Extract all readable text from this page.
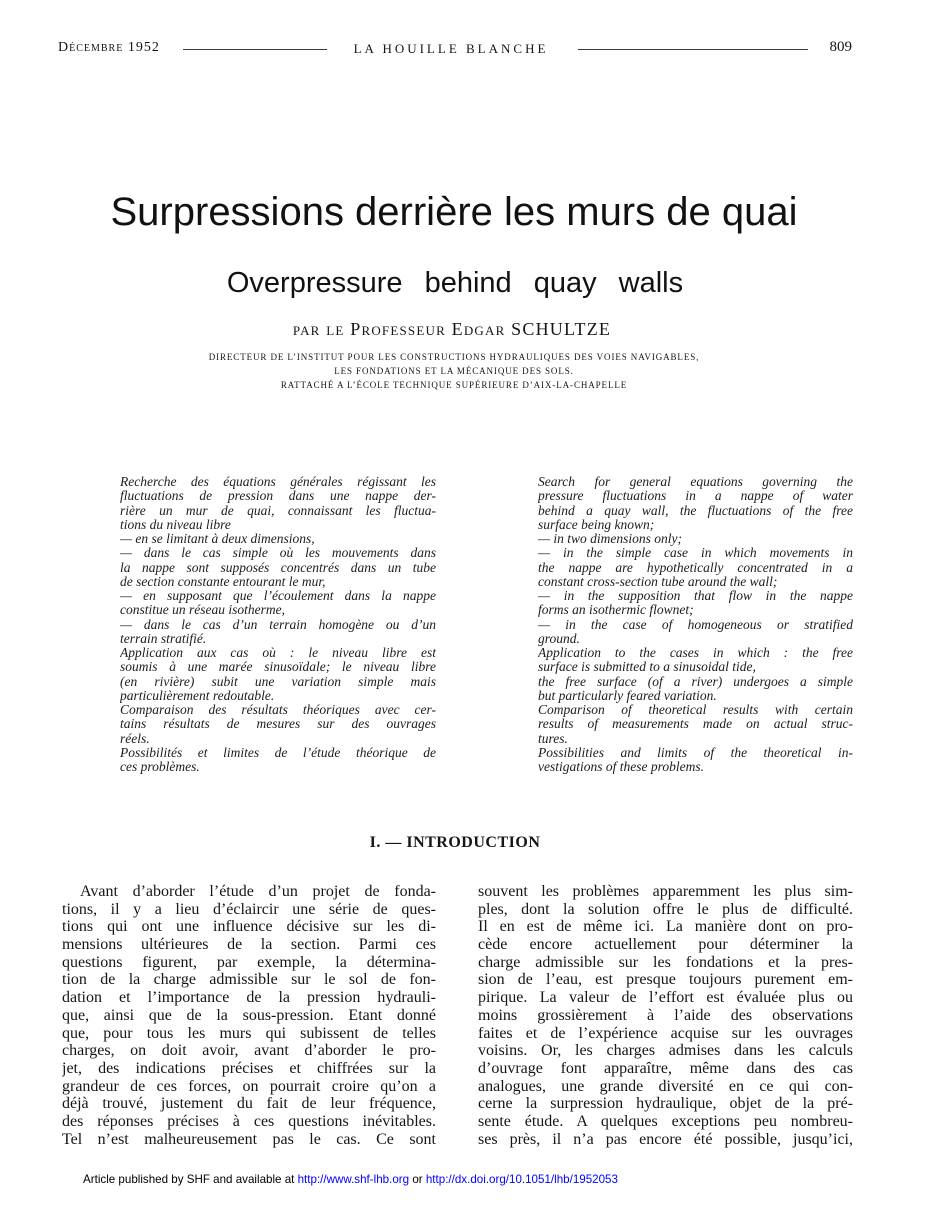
Décembre 1952	LA HOUILLE BLANCHE	809
Surpressions derrière les murs de quai
Overpressure behind quay walls
par le Professeur Edgar SCHULTZE
DIRECTEUR DE L’INSTITUT POUR LES CONSTRUCTIONS HYDRAULIQUES DES VOIES NAVIGABLES,
LES FONDATIONS ET LA MÉCANIQUE DES SOLS.
RATTACHÉ A L’ÉCOLE TECHNIQUE SUPÉRIEURE D’AIX-LA-CHAPELLE
Recherche des équations générales régissant les
fluctuations de pression dans une nappe der-
rière un mur de quai, connaissant les fluctua-
tions du niveau libre
— en se limitant à deux dimensions,
— dans le cas simple où les mouvements dans
la nappe sont supposés concentrés dans un tube
de section constante entourant le mur,
— en supposant que l’écoulement dans la nappe
constitue un réseau isotherme,
— dans le cas d’un terrain homogène ou d’un
terrain stratifié.
Application aux cas où : le niveau libre est
soumis à une marée sinusoïdale; le niveau libre
(en rivière) subit une variation simple mais
particulièrement redoutable.
Comparaison des résultats théoriques avec cer-
tains résultats de mesures sur des ouvrages
réels.
Possibilités et limites de l’étude théorique de
ces problèmes.
Search for general equations governing the
pressure fluctuations in a nappe of water
behind a quay wall, the fluctuations of the free
surface being known;
— in two dimensions only;
— in the simple case in which movements in
the nappe are hypothetically concentrated in a
constant cross-section tube around the wall;
— in the supposition that flow in the nappe
forms an isothermic flownet;
— in the case of homogeneous or stratified
ground.
Application to the cases in which : the free
surface is submitted to a sinusoidal tide,
the free surface (of a river) undergoes a simple
but particularly feared variation.
Comparison of theoretical results with certain
results of measurements made on actual struc-
tures.
Possibilities and limits of the theoretical in-
vestigations of these problems.
I. — INTRODUCTION
Avant d’aborder l’étude d’un projet de fonda-
tions, il y a lieu d’éclaircir une série de ques-
tions qui ont une influence décisive sur les di-
mensions ultérieures de la section. Parmi ces
questions figurent, par exemple, la détermina-
tion de la charge admissible sur le sol de fon-
dation et l’importance de la pression hydrauli-
que, ainsi que de la sous-pression. Etant donné
que, pour tous les murs qui subissent de telles
charges, on doit avoir, avant d’aborder le pro-
jet, des indications précises et chiffrées sur la
grandeur de ces forces, on pourrait croire qu’on a
déjà trouvé, justement du fait de leur fréquence,
des réponses précises à ces questions inévitables.
Tel n’est malheureusement pas le cas. Ce sont
souvent les problèmes apparemment les plus sim-
ples, dont la solution offre le plus de difficulté.
Il en est de même ici. La manière dont on pro-
cède encore actuellement pour déterminer la
charge admissible sur les fondations et la pres-
sion de l’eau, est presque toujours purement em-
pirique. La valeur de l’effort est évaluée plus ou
moins grossièrement à l’aide des observations
faites et de l’expérience acquise sur les ouvrages
voisins. Or, les charges admises dans les calculs
d’ouvrage font apparaître, même dans des cas
analogues, une grande diversité en ce qui con-
cerne la surpression hydraulique, objet de la pré-
sente étude. A quelques exceptions peu nombreu-
ses près, il n’a pas encore été possible, jusqu’ici,
Article published by SHF and available at http://www.shf-lhb.org or http://dx.doi.org/10.1051/lhb/1952053
